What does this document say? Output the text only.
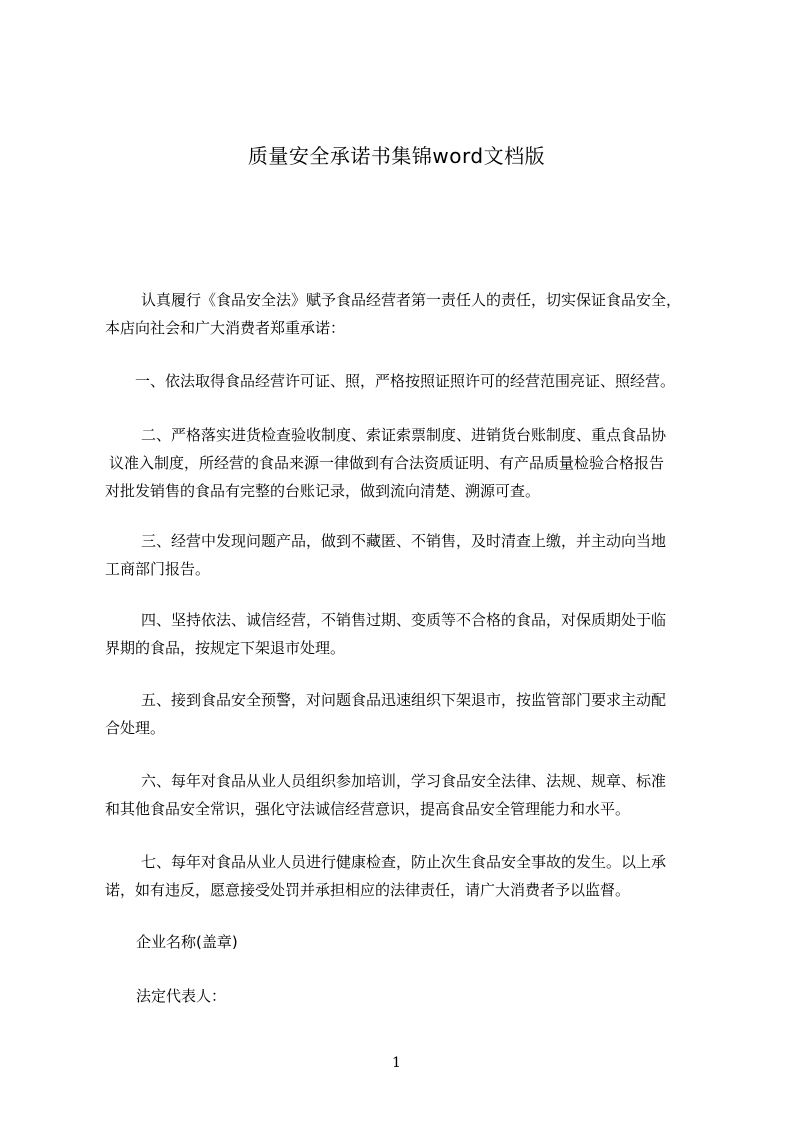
质量安全承诺书集锦word文档版
认真履行《食品安全法》赋予食品经营者第一责任人的责任，切实保证食品安全，
本店向社会和广大消费者郑重承诺：
一、依法取得食品经营许可证、照，严格按照证照许可的经营范围亮证、照经营。
二、严格落实进货检查验收制度、索证索票制度、进销货台账制度、重点食品协
议准入制度，所经营的食品来源一律做到有合法资质证明、有产品质量检验合格报告
对批发销售的食品有完整的台账记录，做到流向清楚、溯源可查。
三、经营中发现问题产品，做到不藏匿、不销售，及时清查上缴，并主动向当地
工商部门报告。
四、坚持依法、诚信经营，不销售过期、变质等不合格的食品，对保质期处于临
界期的食品，按规定下架退市处理。
五、接到食品安全预警，对问题食品迅速组织下架退市，按监管部门要求主动配
合处理。
六、每年对食品从业人员组织参加培训，学习食品安全法律、法规、规章、标准
和其他食品安全常识，强化守法诚信经营意识，提高食品安全管理能力和水平。
七、每年对食品从业人员进行健康检查，防止次生食品安全事故的发生。以上承
诺，如有违反，愿意接受处罚并承担相应的法律责任，请广大消费者予以监督。
企业名称(盖章)
法定代表人：
1
